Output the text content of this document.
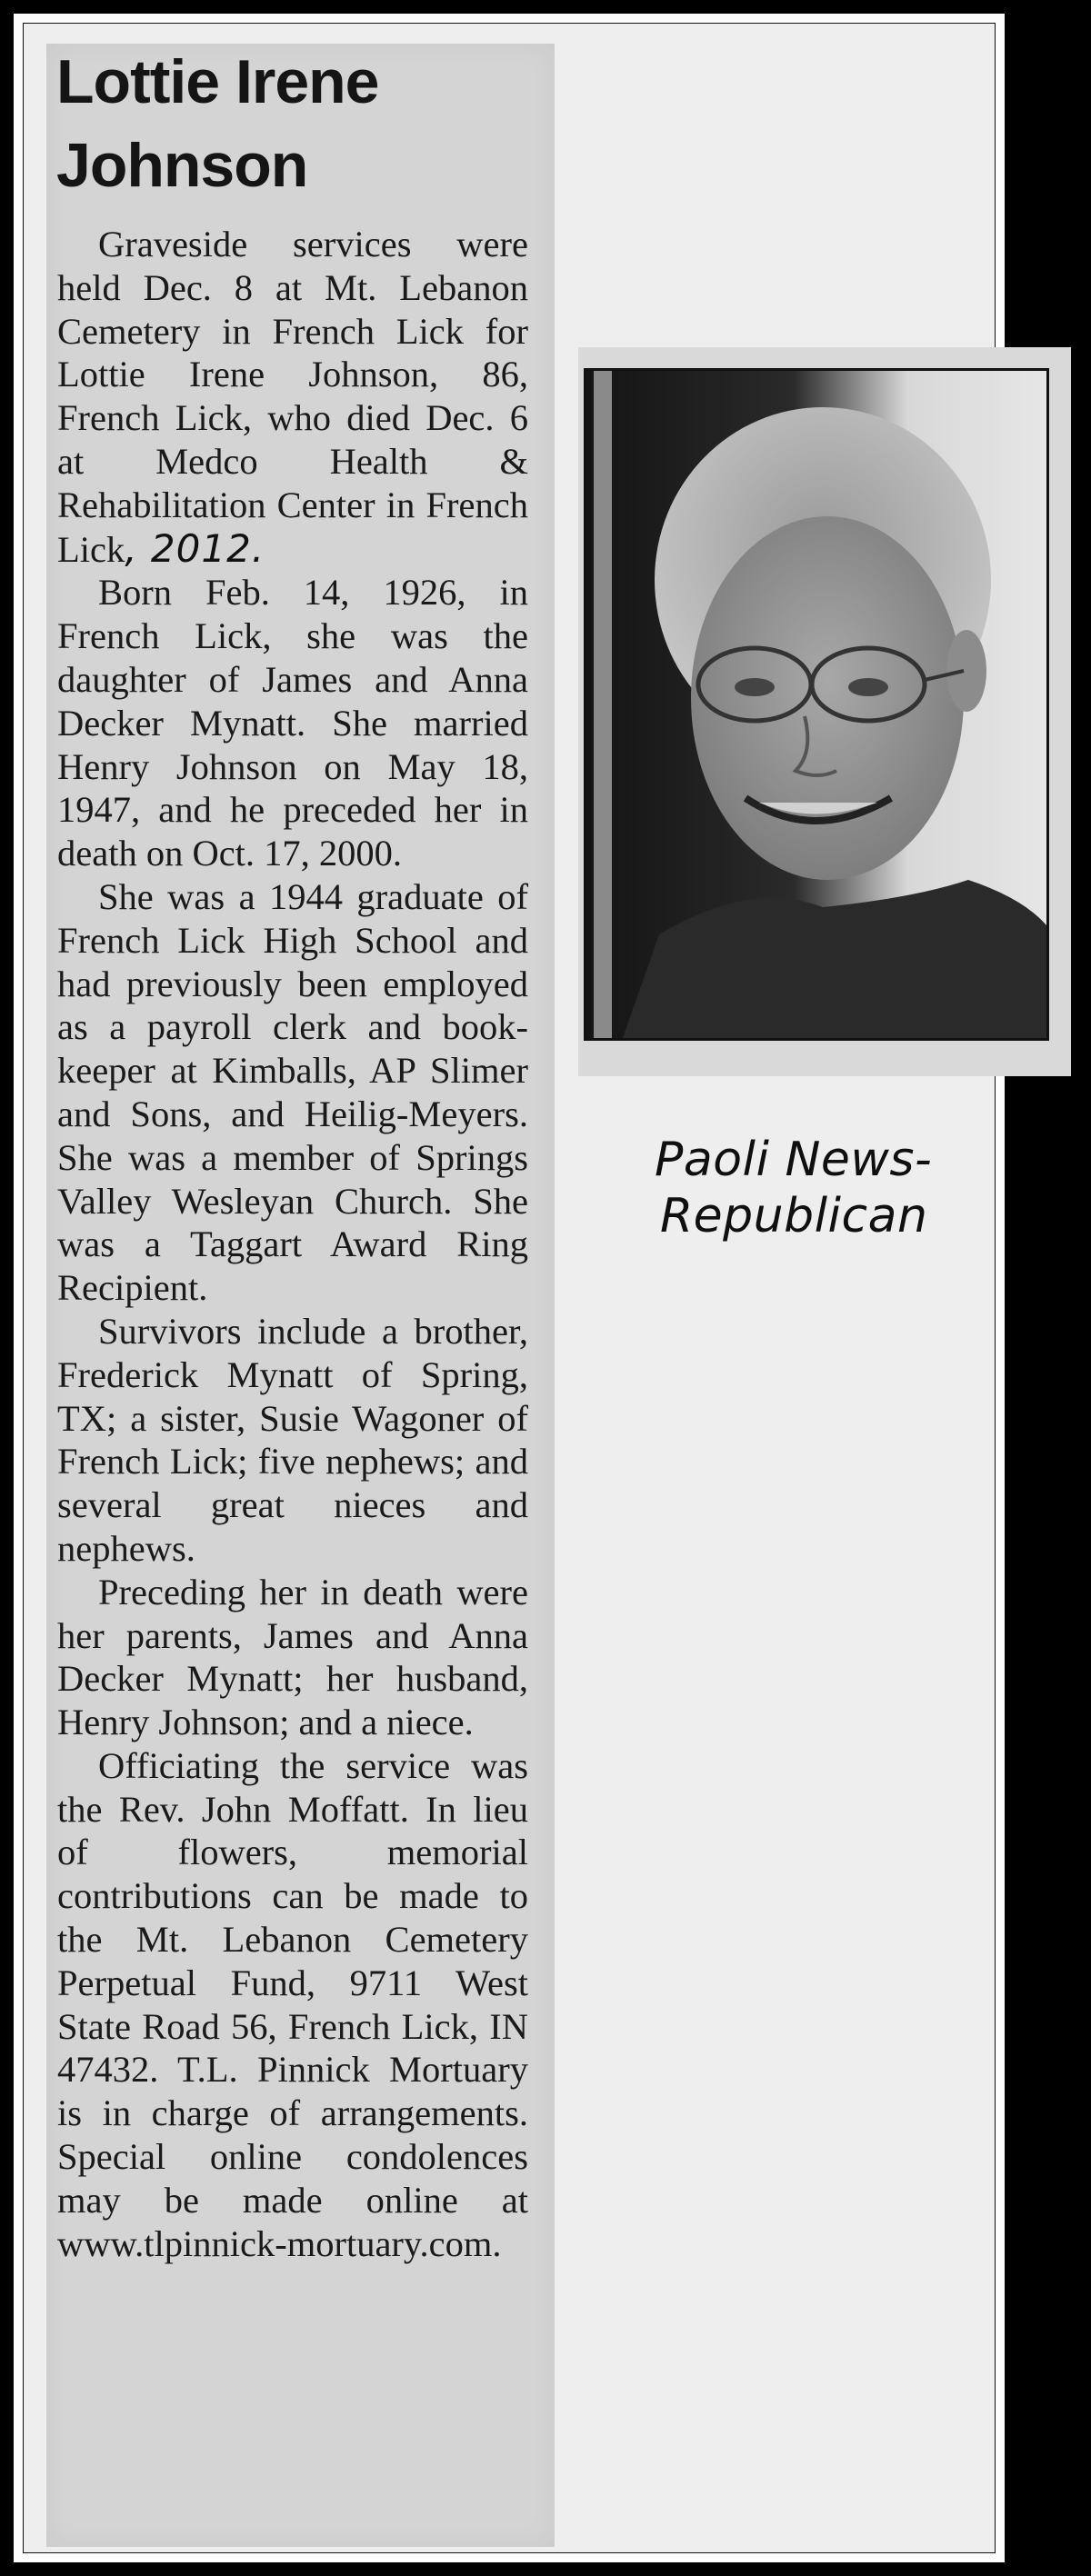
Lottie Irene
Johnson

Graveside services were held Dec. 8 at Mt. Lebanon Cemetery in French Lick for Lottie Irene Johnson, 86, French Lick, who died Dec. 6 at Medco Health & Rehabilitation Center in French Lick, 2012.

Born Feb. 14, 1926, in French Lick, she was the daughter of James and Anna Decker Mynatt. She married Henry Johnson on May 18, 1947, and he preceded her in death on Oct. 17, 2000.

She was a 1944 graduate of French Lick High School and had previously been employed as a payroll clerk and bookkeeper at Kimballs, AP Slimer and Sons, and Heilig-Meyers. She was a member of Springs Valley Wesleyan Church. She was a Taggart Award Ring Recipient.

Survivors include a brother, Frederick Mynatt of Spring, TX; a sister, Susie Wagoner of French Lick; five nephews; and several great nieces and nephews.

Preceding her in death were her parents, James and Anna Decker Mynatt; her husband, Henry Johnson; and a niece.

Officiating the service was the Rev. John Moffatt. In lieu of flowers, memorial contributions can be made to the Mt. Lebanon Cemetery Perpetual Fund, 9711 West State Road 56, French Lick, IN 47432. T.L. Pinnick Mortuary is in charge of arrangements. Special online condolences may be made online at www.tlpinnick-mortuary.com.

Paoli News-
Republican
